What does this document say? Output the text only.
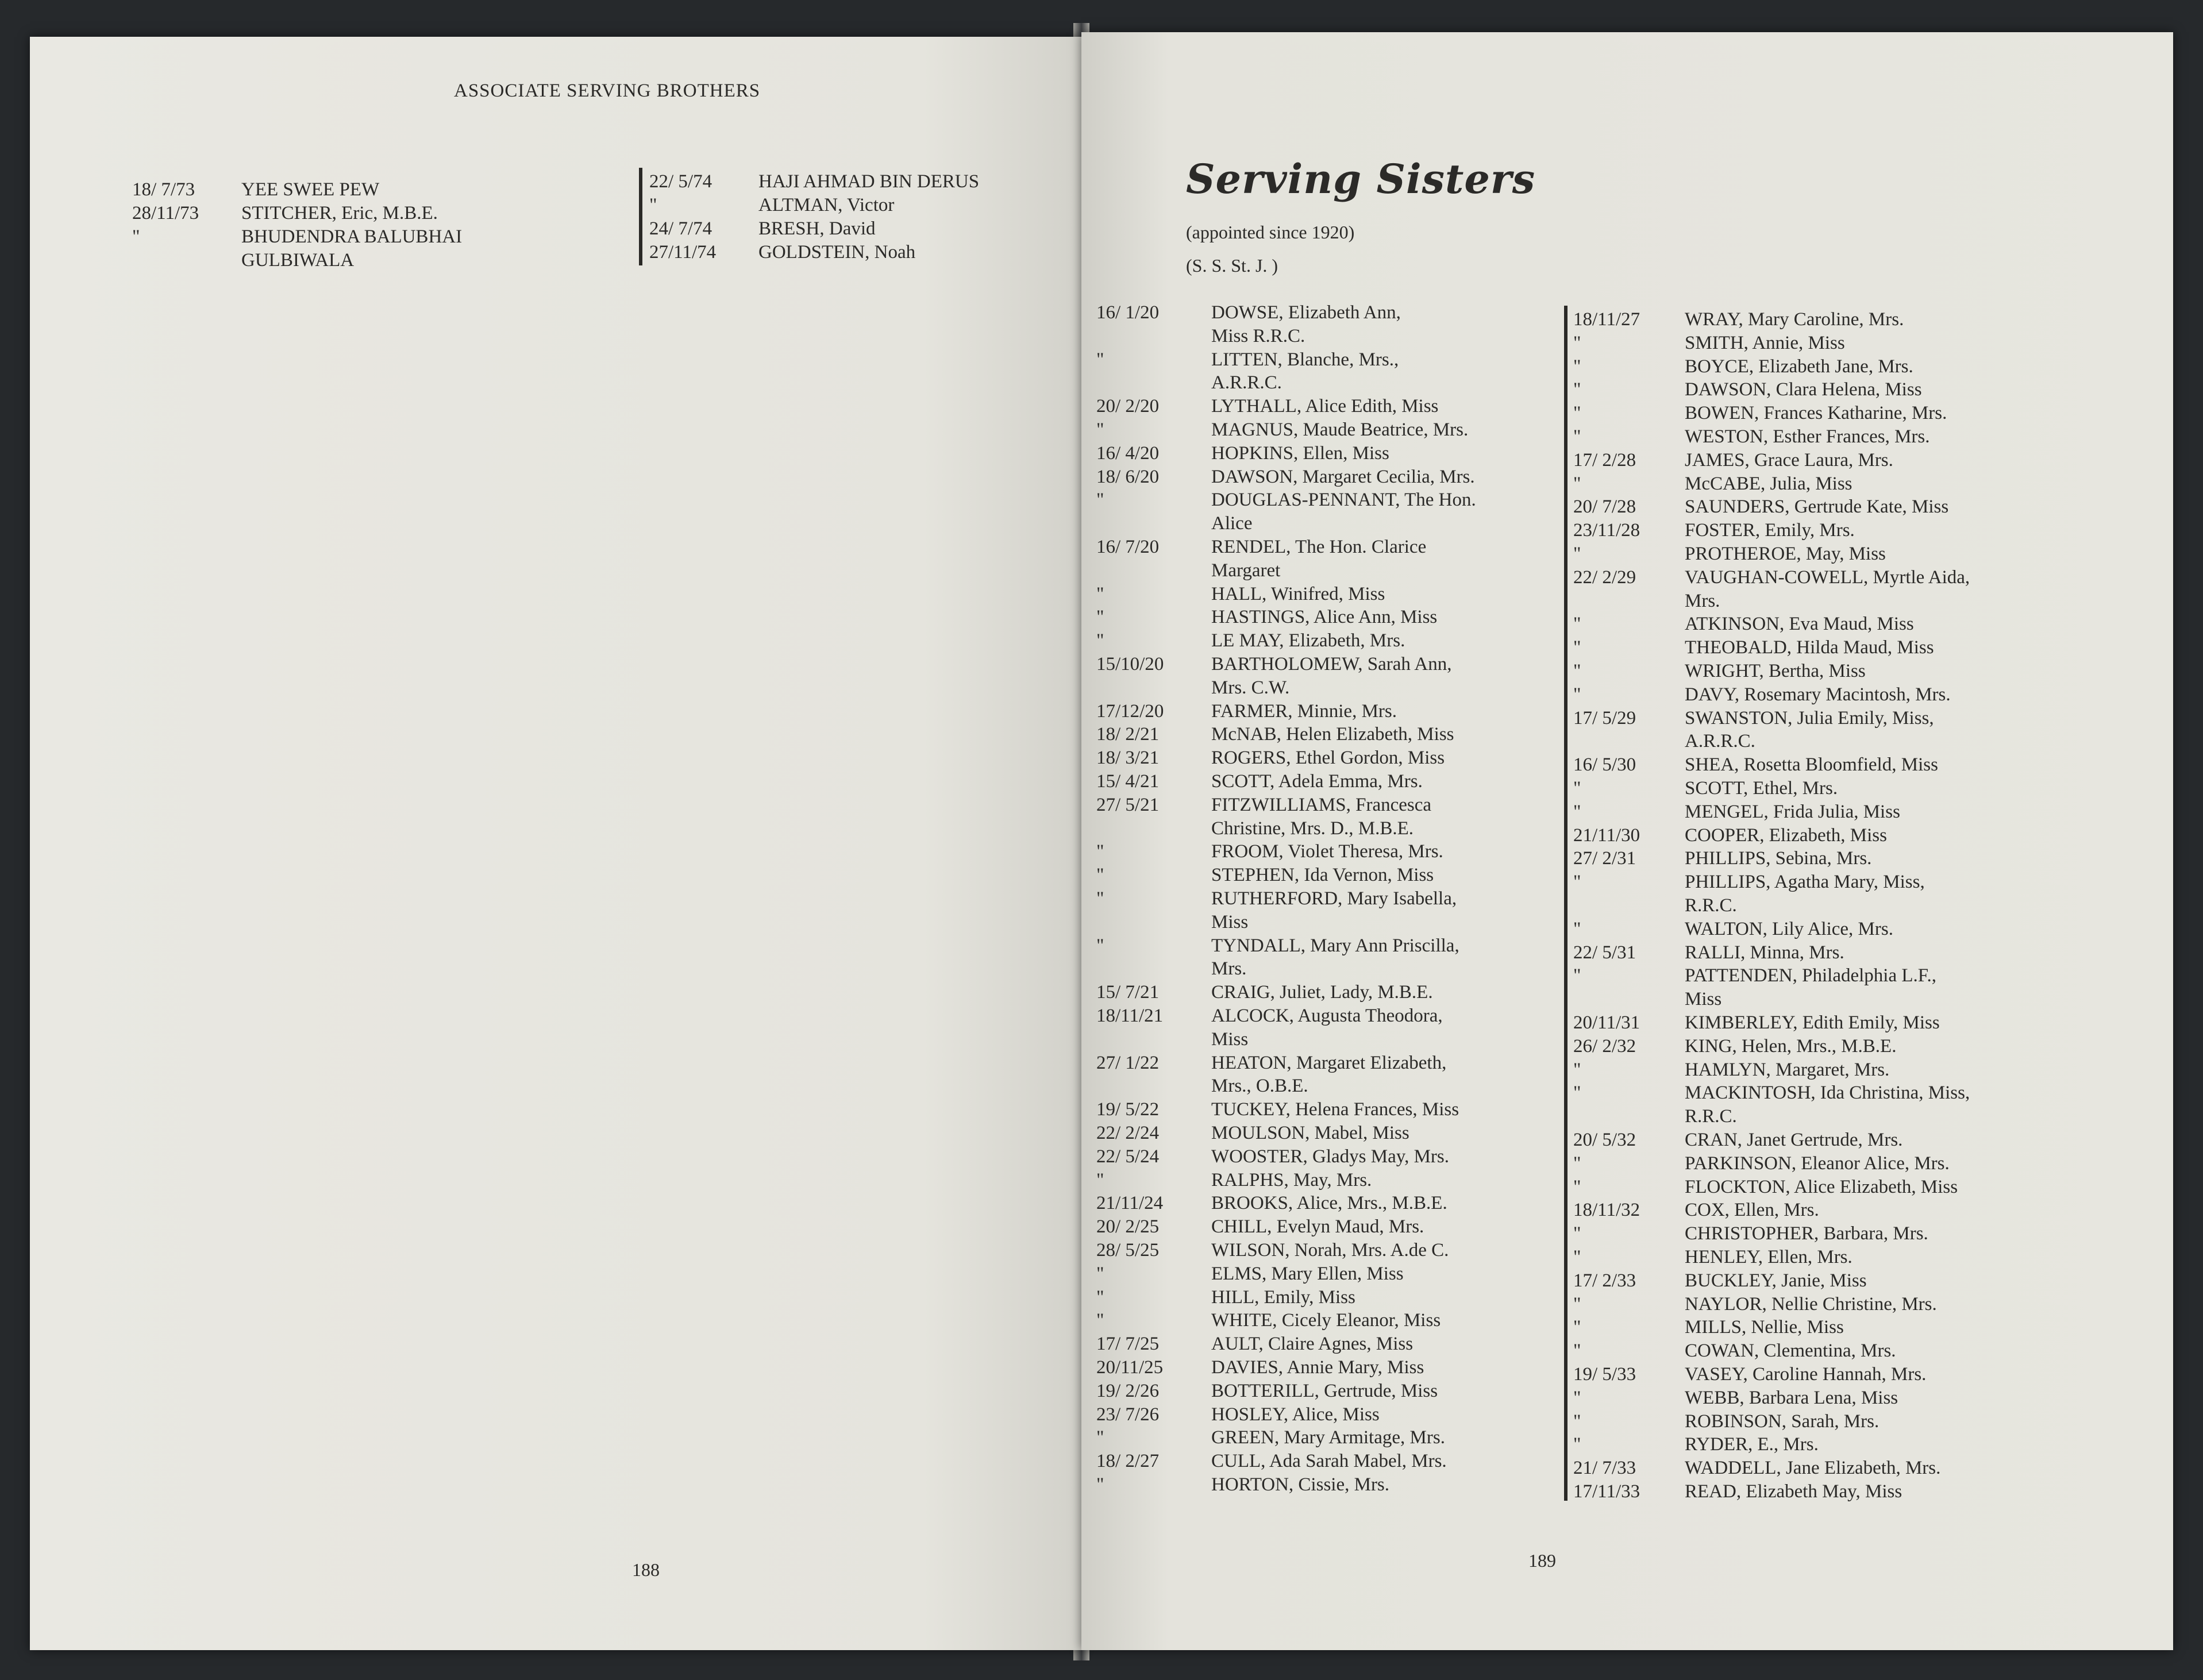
ASSOCIATE SERVING BROTHERS
18/ 7/73 YEE SWEE PEW
28/11/73 STITCHER, Eric, M.B.E.
"	BHUDENDRA BALUBHAI
GULBIWALA
22/ 5/74 HAJI AHMAD BIN DERUS
"	ALTMAN, Victor
24/ 7/74 BRESH, David
27/11/74 GOLDSTEIN, Noah
188
Serving Sisters
(appointed since 1920)
(S. S. St. J. )
16/ 1/20	DOWSE, Elizabeth Ann,
Miss R.R.C.
"	LITTEN, Blanche, Mrs.,
A.R.R.C.
20/ 2/20	LYTHALL, Alice Edith, Miss
"	MAGNUS, Maude Beatrice, Mrs.
16/ 4/20	HOPKINS, Ellen, Miss
18/ 6/20	DAWSON, Margaret Cecilia, Mrs.
"	DOUGLAS-PENNANT, The Hon.
Alice
16/ 7/20	RENDEL, The Hon. Clarice
Margaret
"	HALL, Winifred, Miss
"	HASTINGS, Alice Ann, Miss
"	LE MAY, Elizabeth, Mrs.
15/10/20	BARTHOLOMEW, Sarah Ann,
Mrs. C.W.
17/12/20	FARMER, Minnie, Mrs.
18/ 2/21	McNAB, Helen Elizabeth, Miss
18/ 3/21	ROGERS, Ethel Gordon, Miss
15/ 4/21	SCOTT, Adela Emma, Mrs.
27/ 5/21	FITZWILLIAMS, Francesca
Christine, Mrs. D., M.B.E.
"	FROOM, Violet Theresa, Mrs.
"	STEPHEN, Ida Vernon, Miss
"	RUTHERFORD, Mary Isabella,
Miss
"	TYNDALL, Mary Ann Priscilla,
Mrs.
15/ 7/21	CRAIG, Juliet, Lady, M.B.E.
18/11/21	ALCOCK, Augusta Theodora,
Miss
27/ 1/22	HEATON, Margaret Elizabeth,
Mrs., O.B.E.
19/ 5/22	TUCKEY, Helena Frances, Miss
22/ 2/24	MOULSON, Mabel, Miss
22/ 5/24	WOOSTER, Gladys May, Mrs.
"	RALPHS, May, Mrs.
21/11/24	BROOKS, Alice, Mrs., M.B.E.
20/ 2/25	CHILL, Evelyn Maud, Mrs.
28/ 5/25	WILSON, Norah, Mrs. A.de C.
"	ELMS, Mary Ellen, Miss
"	HILL, Emily, Miss
"	WHITE, Cicely Eleanor, Miss
17/ 7/25	AULT, Claire Agnes, Miss
20/11/25	DAVIES, Annie Mary, Miss
19/ 2/26	BOTTERILL, Gertrude, Miss
23/ 7/26	HOSLEY, Alice, Miss
"	GREEN, Mary Armitage, Mrs.
18/ 2/27	CULL, Ada Sarah Mabel, Mrs.
"	HORTON, Cissie, Mrs.
18/11/27 WRAY, Mary Caroline, Mrs.
"	SMITH, Annie, Miss
"	BOYCE, Elizabeth Jane, Mrs.
"	DAWSON, Clara Helena, Miss
"	BOWEN, Frances Katharine, Mrs.
"	WESTON, Esther Frances, Mrs.
17/ 2/28	JAMES, Grace Laura, Mrs.
"	McCABE, Julia, Miss
20/ 7/28	SAUNDERS, Gertrude Kate, Miss
23/11/28 FOSTER, Emily, Mrs.
"	PROTHEROE, May, Miss
22/ 2/29	VAUGHAN-COWELL, Myrtle Aida,
Mrs.
"	ATKINSON, Eva Maud, Miss
"	THEOBALD, Hilda Maud, Miss
"	WRIGHT, Bertha, Miss
"	DAVY, Rosemary Macintosh, Mrs.
17/ 5/29	SWANSTON, Julia Emily, Miss,
A.R.R.C.
16/ 5/30	SHEA, Rosetta Bloomfield, Miss
"	SCOTT, Ethel, Mrs.
"	MENGEL, Frida Julia, Miss
21/11/30 COOPER, Elizabeth, Miss
27/ 2/31	PHILLIPS, Sebina, Mrs.
"	PHILLIPS, Agatha Mary, Miss,
R.R.C.
"	WALTON, Lily Alice, Mrs.
22/ 5/31	RALLI, Minna, Mrs.
"	PATTENDEN, Philadelphia L.F.,
Miss
20/11/31 KIMBERLEY, Edith Emily, Miss
26/ 2/32	KING, Helen, Mrs., M.B.E.
"	HAMLYN, Margaret, Mrs.
"	MACKINTOSH, Ida Christina, Miss,
R.R.C.
20/ 5/32	CRAN, Janet Gertrude, Mrs.
"	PARKINSON, Eleanor Alice, Mrs.
"	FLOCKTON, Alice Elizabeth, Miss
18/11/32 COX, Ellen, Mrs.
"	CHRISTOPHER, Barbara, Mrs.
"	HENLEY, Ellen, Mrs.
17/ 2/33	BUCKLEY, Janie, Miss
"	NAYLOR, Nellie Christine, Mrs.
"	MILLS, Nellie, Miss
"	COWAN, Clementina, Mrs.
19/ 5/33	VASEY, Caroline Hannah, Mrs.
"	WEBB, Barbara Lena, Miss
"	ROBINSON, Sarah, Mrs.
"	RYDER, E., Mrs.
21/ 7/33	WADDELL, Jane Elizabeth, Mrs.
17/11/33 READ, Elizabeth May, Miss
189
